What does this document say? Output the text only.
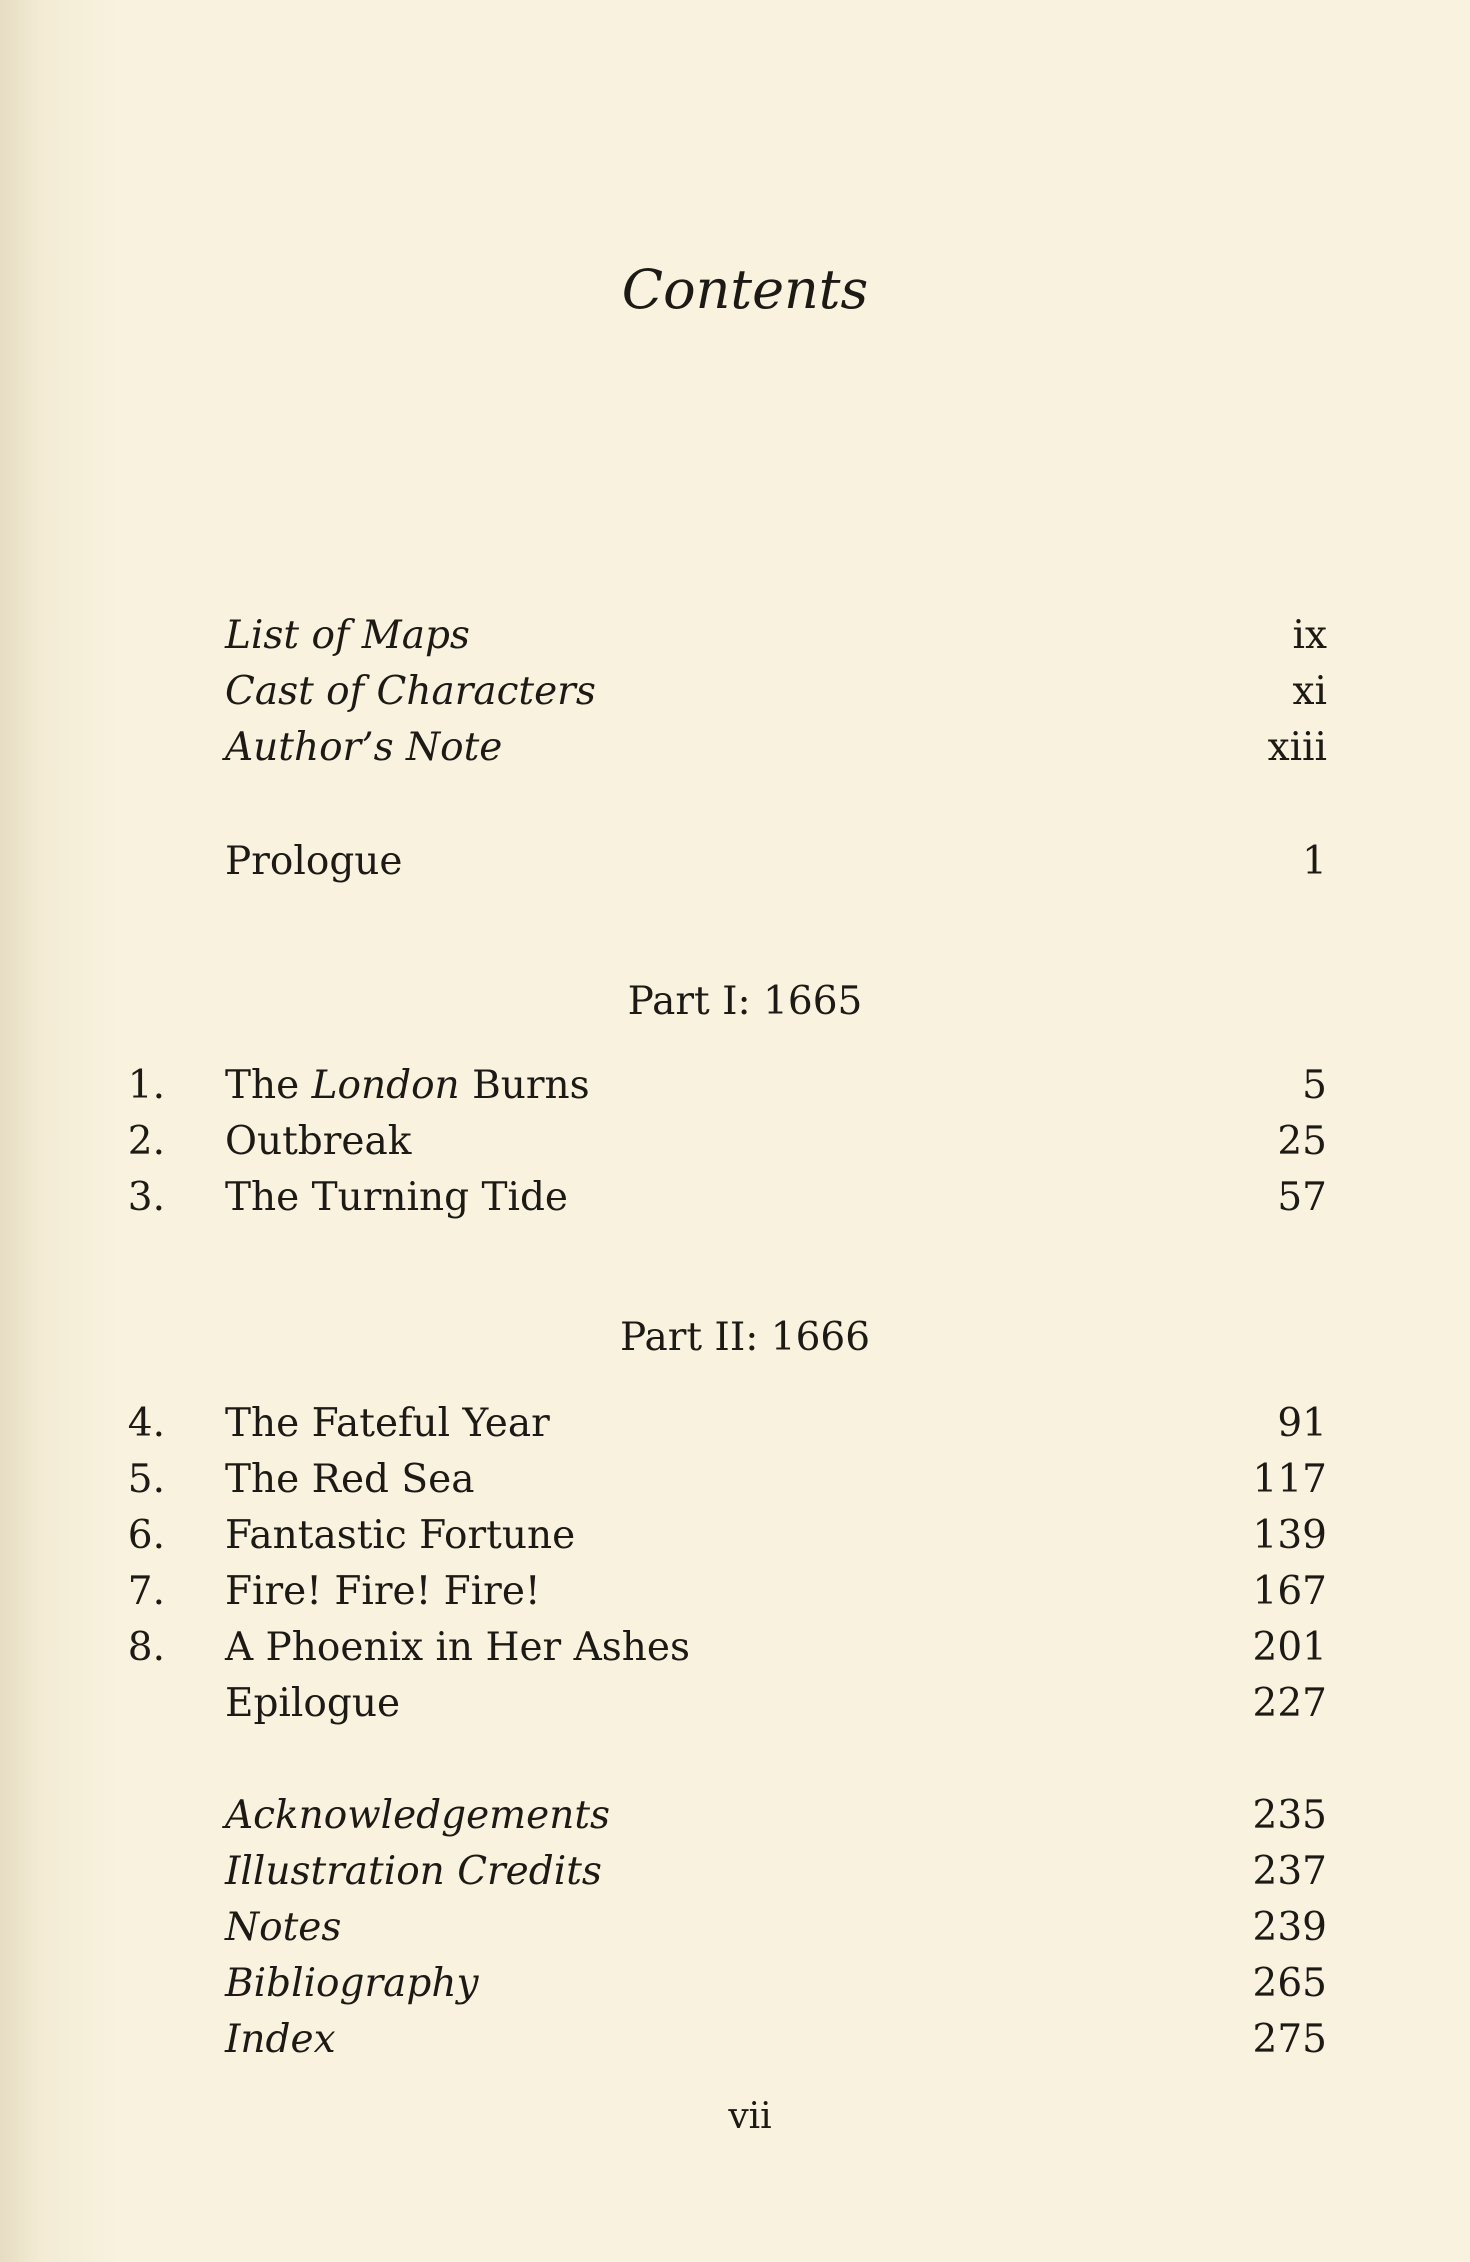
Contents
List of Maps	ix
Cast of Characters	xi
Author’s Note	xiii
Prologue	1
Part I: 1665
1. The London Burns	5
2. Outbreak	25
3. The Turning Tide	57
Part II: 1666
4. The Fateful Year	91
5. The Red Sea	117
6. Fantastic Fortune	139
7. Fire! Fire! Fire!	167
8. A Phoenix in Her Ashes	201
Epilogue	227
Acknowledgements	235
Illustration Credits	237
Notes	239
Bibliography	265
Index	275
vii
